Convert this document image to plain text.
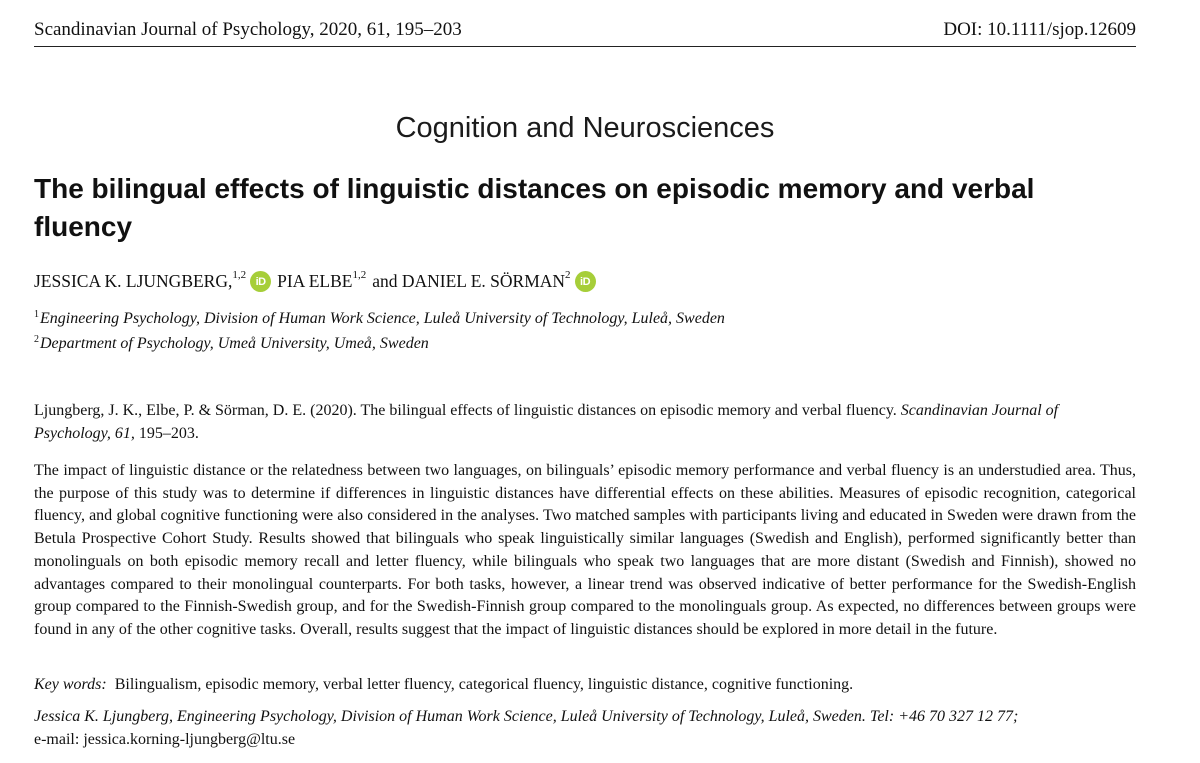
Scandinavian Journal of Psychology, 2020, 61, 195–203	DOI: 10.1111/sjop.12609
Cognition and Neurosciences
The bilingual effects of linguistic distances on episodic memory and verbal fluency
JESSICA K. LJUNGBERG,$^{1,2}$
iD PIA ELBE$^{1,2}$ and DANIEL E. SÖRMAN$^2$
iD
$^1$Engineering Psychology, Division of Human Work Science, Luleå University of Technology, Luleå, Sweden
$^2$Department of Psychology, Umeå University, Umeå, Sweden
Ljungberg, J. K., Elbe, P. & Sörman, D. E. (2020). The bilingual effects of linguistic distances on episodic memory and verbal fluency. Scandinavian Journal of Psychology, 61, 195–203.

The impact of linguistic distance or the relatedness between two languages, on bilinguals’ episodic memory performance and verbal fluency is an understudied area. Thus, the purpose of this study was to determine if differences in linguistic distances have differential effects on these abilities. Measures of episodic recognition, categorical fluency, and global cognitive functioning were also considered in the analyses. Two matched samples with participants living and educated in Sweden were drawn from the Betula Prospective Cohort Study. Results showed that bilinguals who speak linguistically similar languages (Swedish and English), performed significantly better than monolinguals on both episodic memory recall and letter fluency, while bilinguals who speak two languages that are more distant (Swedish and Finnish), showed no advantages compared to their monolingual counterparts. For both tasks, however, a linear trend was observed indicative of better performance for the Swedish-English group compared to the Finnish-Swedish group, and for the Swedish-Finnish group compared to the monolinguals group. As expected, no differences between groups were found in any of the other cognitive tasks. Overall, results suggest that the impact of linguistic distances should be explored in more detail in the future.

Key words: Bilingualism, episodic memory, verbal letter fluency, categorical fluency, linguistic distance, cognitive functioning.
Jessica K. Ljungberg, Engineering Psychology, Division of Human Work Science, Luleå University of Technology, Luleå, Sweden. Tel: +46 70 327 12 77;
e-mail: jessica.korning-ljungberg@ltu.se
